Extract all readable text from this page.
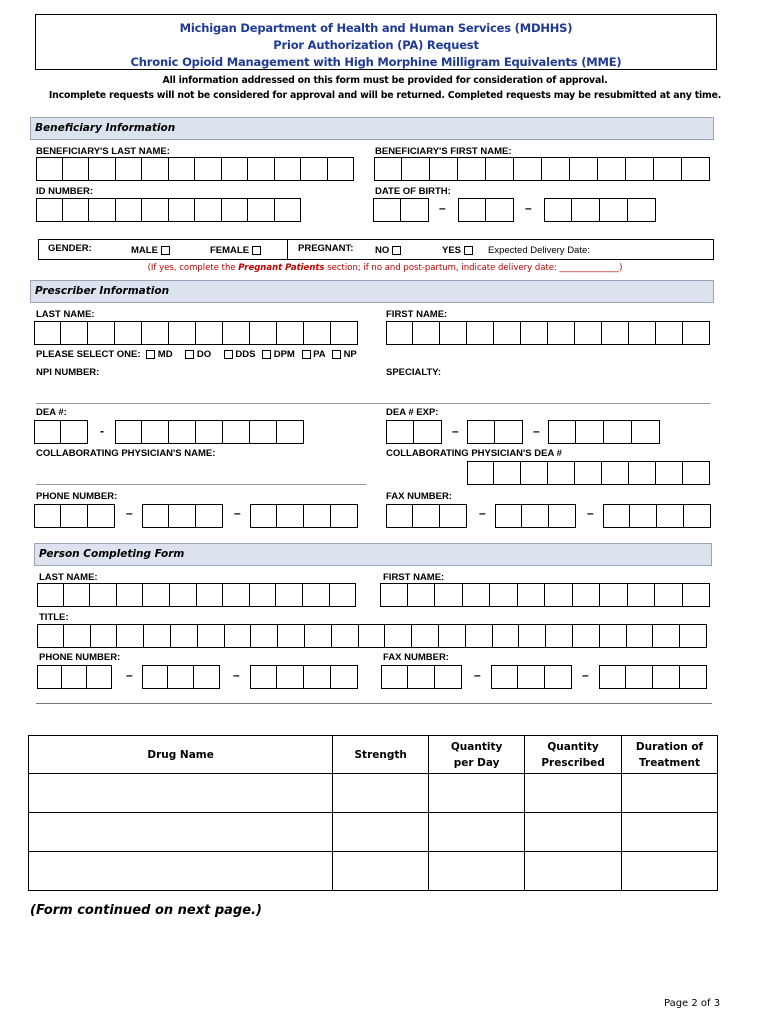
Michigan Department of Health and Human Services (MDHHS)
Prior Authorization (PA) Request
Chronic Opioid Management with High Morphine Milligram Equivalents (MME)
All information addressed on this form must be provided for consideration of approval.
Incomplete requests will not be considered for approval and will be returned. Completed requests may be resubmitted at any time.
Beneficiary Information
BENEFICIARY'S LAST NAME:	BENEFICIARY'S FIRST NAME:
ID NUMBER:	DATE OF BIRTH:
–	–
GENDER:	MALE	FEMALE	PREGNANT: NO	YES	Expected Delivery Date:
(If yes, complete the Pregnant Patients section; if no and post-partum, indicate delivery date: ______________)
Prescriber Information
LAST NAME:	FIRST NAME:
PLEASE SELECT ONE: MD	DO	DDS DPM PA NP
NPI NUMBER:	SPECIALTY:
DEA #:	DEA # EXP:
-	–	–
COLLABORATING PHYSICIAN'S NAME:	COLLABORATING PHYSICIAN'S DEA #
PHONE NUMBER:	FAX NUMBER:
–	–	–	–
Person Completing Form
LAST NAME:	FIRST NAME:
TITLE:
PHONE NUMBER:	FAX NUMBER:
–	–	–	–
Drug Name	Strength	Quantity per Day	Quantity Prescribed	Duration of Treatment

(Form continued on next page.)
Page 2 of 3
